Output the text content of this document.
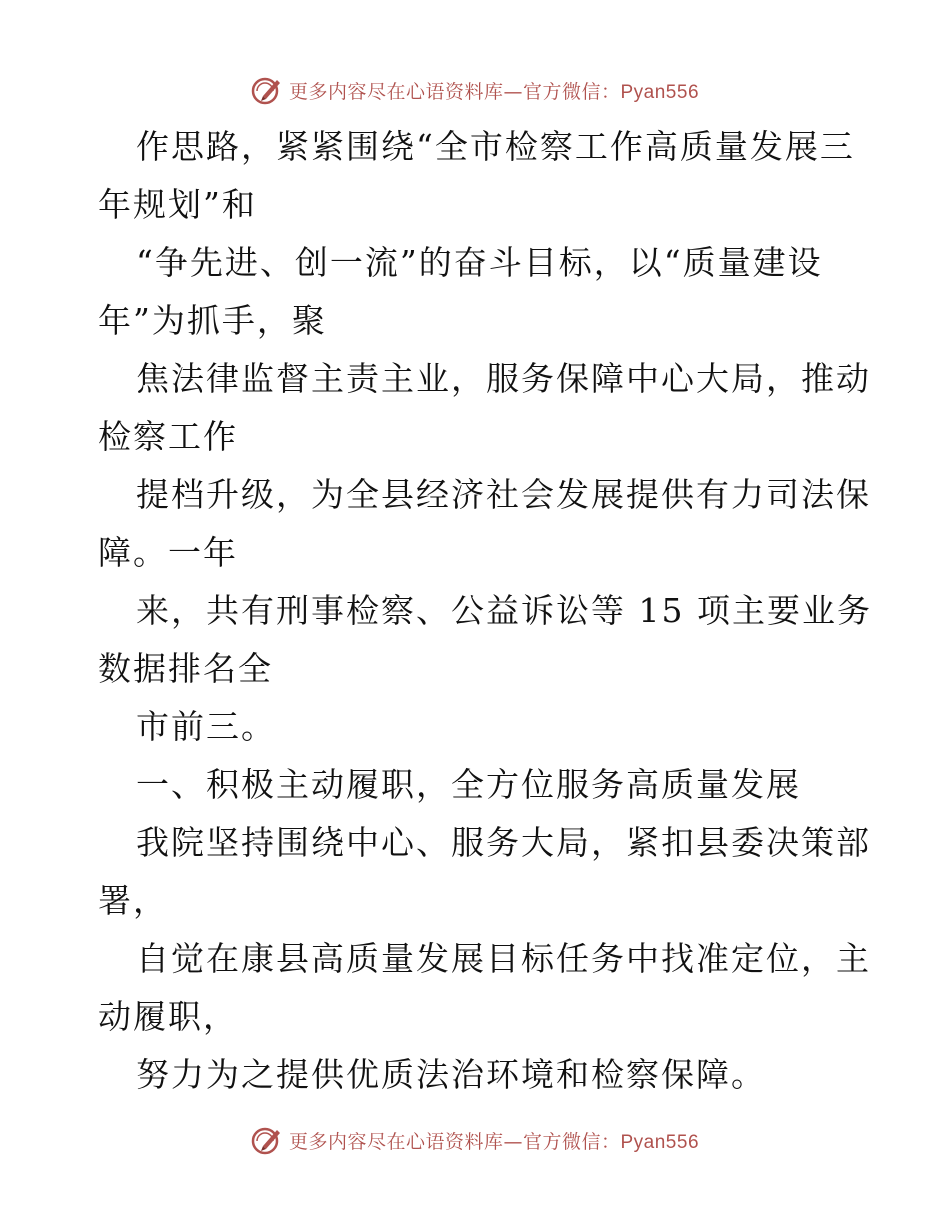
更多内容尽在心语资料库—官方微信：Pyan556
作思路，紧紧围绕“全市检察工作高质量发展三
年规划”和
“争先进、创一流”的奋斗目标，以“质量建设
年”为抓手，聚
焦法律监督主责主业，服务保障中心大局，推动
检察工作
提档升级，为全县经济社会发展提供有力司法保
障。一年
来，共有刑事检察、公益诉讼等 15 项主要业务
数据排名全
市前三。
一、积极主动履职，全方位服务高质量发展
我院坚持围绕中心、服务大局，紧扣县委决策部
署，
自觉在康县高质量发展目标任务中找准定位，主
动履职，
努力为之提供优质法治环境和检察保障。
更多内容尽在心语资料库—官方微信：Pyan556
